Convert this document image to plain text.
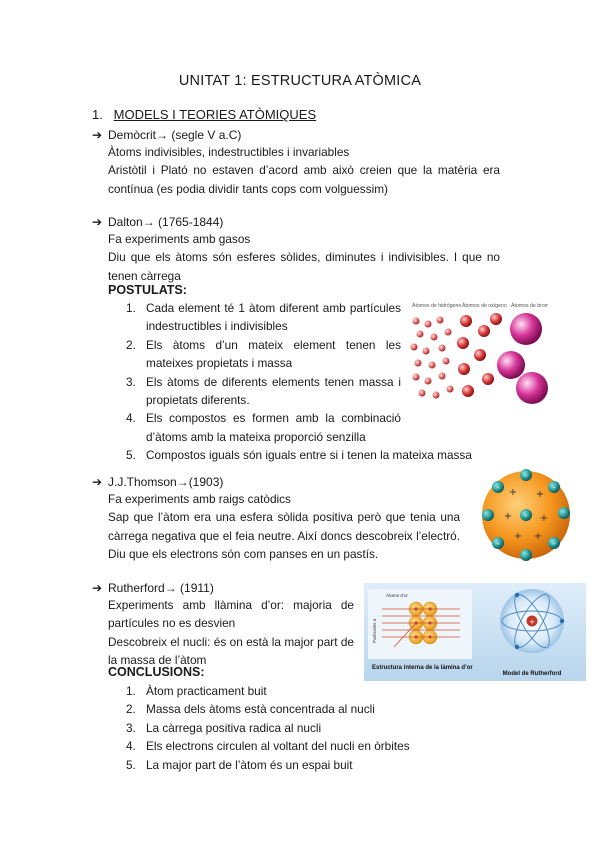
UNITAT 1: ESTRUCTURA ATÒMICA
1. MODELS I TEORIES ATÒMIQUES
➔ Demòcrit→ (segle V a.C)
Àtoms indivisibles, indestructibles i invariables
Aristòtil i Plató no estaven d’acord amb això creien que la matèria era contínua (es podia dividir tants cops com volguessim)
➔ Dalton→ (1765-1844)
Fa experiments amb gasos
Diu que els àtoms són esferes sòlides, diminutes i indivisibles. I que no tenen càrrega
POSTULATS:
1. Cada element té 1 àtom diferent amb partícules indestructibles i indivisibles
2. Els àtoms d’un mateix element tenen les mateixes propietats i massa
3. Els àtoms de diferents elements tenen massa i propietats diferents.
4. Els compostos es formen amb la combinació d’àtoms amb la mateixa proporció senzilla
5. Compostos iguals són iguals entre si i tenen la mateixa massa
Àtomos de hidrógeno Àtomos de oxígeno Àtomos de bromo
➔ J.J.Thomson→(1903)
Fa experiments amb raigs catòdics
Sap que l’àtom era una esfera sòlida positiva però que tenia una càrrega negativa que el feia neutre. Així doncs descobreix l’electró. Diu que els electrons són com panses en un pastís.
+ +
+	+
+ +
-
-	-
-
-	-
➔ Rutherford→ (1911)
Experiments amb llàmina d’or: majoria de partícules no es desvien
Descobreix el nucli: és on està la major part de la massa de l’àtom
Àtoms d’or
Partícules α
Estructura interna de la làmina d’or
+
Model de Rutherford
CONCLUSIONS:
1. Àtom practicament buit
2. Massa dels àtoms està concentrada al nucli
3. La càrrega positiva radica al nucli
4. Els electrons circulen al voltant del nucli en òrbites
5. La major part de l’àtom és un espai buit
